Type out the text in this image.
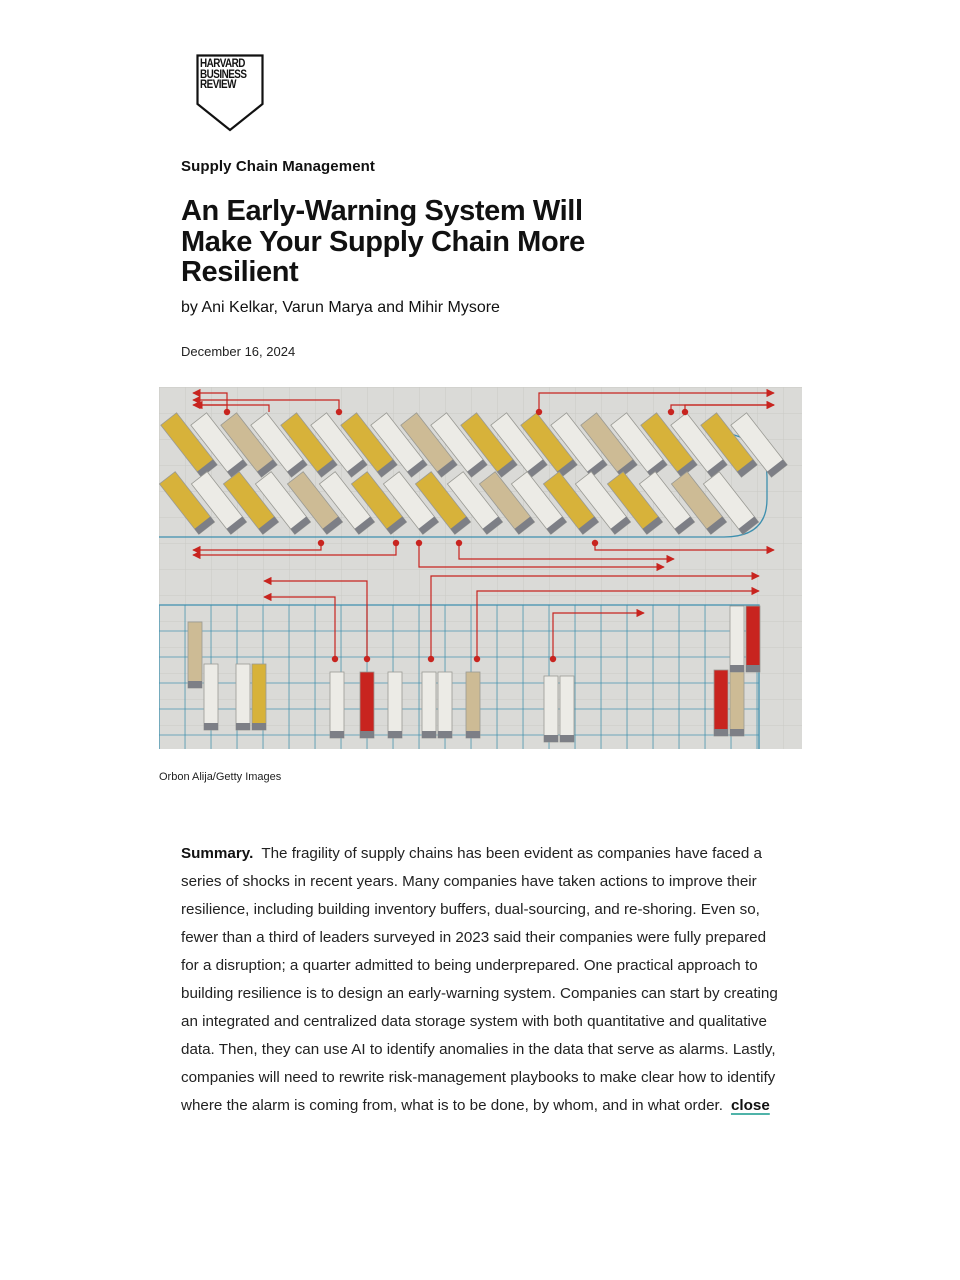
HARVARD
BUSINESS
REVIEW
Supply Chain Management
An Early-Warning System Will Make Your Supply Chain More Resilient
by Ani Kelkar, Varun Marya and Mihir Mysore
December 16, 2024
Orbon Alija/Getty Images

Summary. The fragility of supply chains has been evident as companies have faced a series of shocks in recent years. Many companies have taken actions to improve their resilience, including building inventory buffers, dual-sourcing, and re-shoring. Even so, fewer than a third of leaders surveyed in 2023 said their companies were fully prepared for a disruption; a quarter admitted to being underprepared. One practical approach to building resilience is to design an early-warning system. Companies can start by creating an integrated and centralized data storage system with both quantitative and qualitative data. Then, they can use AI to identify anomalies in the data that serve as alarms. Lastly, companies will need to rewrite risk-management playbooks to make clear how to identify where the alarm is coming from, what is to be done, by whom, and in what order. close
